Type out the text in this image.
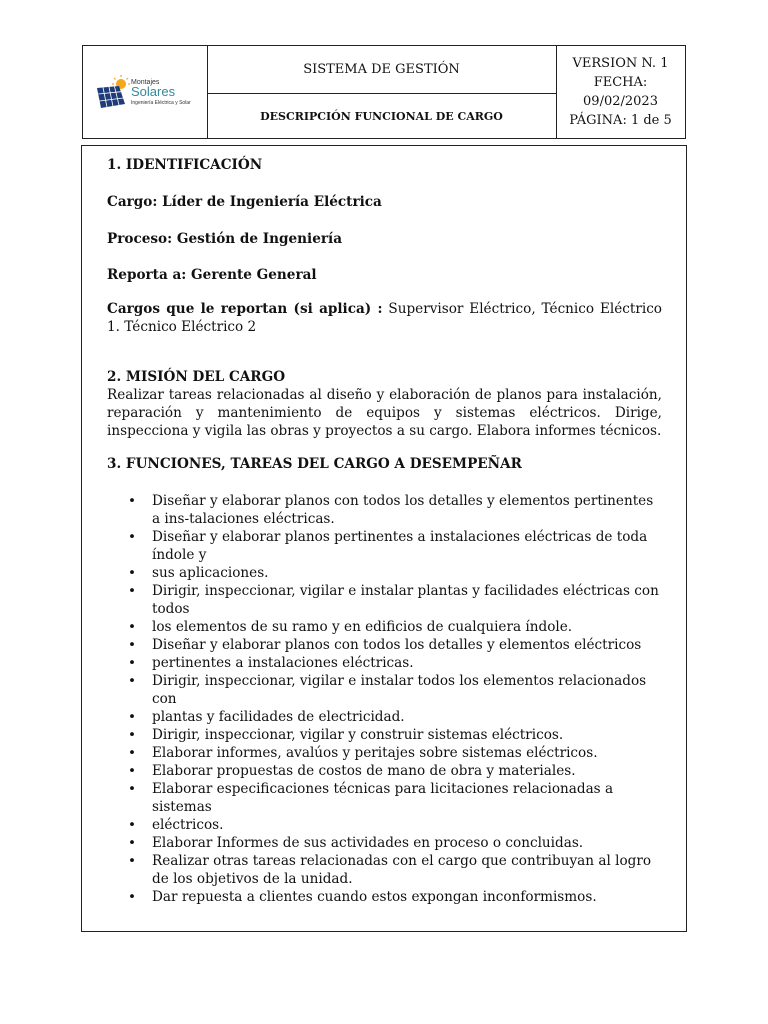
Montajes
Solares
Ingeniería Eléctrica y Solar
SISTEMA DE GESTIÓN
DESCRIPCIÓN FUNCIONAL DE CARGO
VERSION N. 1
FECHA:
09/02/2023
PÁGINA: 1 de 5

1. IDENTIFICACIÓN

Cargo: Líder de Ingeniería Eléctrica

Proceso: Gestión de Ingeniería

Reporta a: Gerente General

Cargos que le reportan (si aplica) : Supervisor Eléctrico, Técnico Eléctrico 1. Técnico Eléctrico 2

2. MISIÓN DEL CARGO

Realizar tareas relacionadas al diseño y elaboración de planos para instalación, reparación y mantenimiento de equipos y sistemas eléctricos. Dirige, inspecciona y vigila las obras y proyectos a su cargo. Elabora informes técnicos.

3. FUNCIONES, TAREAS DEL CARGO A DESEMPEÑAR

• Diseñar y elaborar planos con todos los detalles y elementos pertinentes a ins-talaciones eléctricas.
• Diseñar y elaborar planos pertinentes a instalaciones eléctricas de toda índole y
• sus aplicaciones.
• Dirigir, inspeccionar, vigilar e instalar plantas y facilidades eléctricas con todos
• los elementos de su ramo y en edificios de cualquiera índole.
• Diseñar y elaborar planos con todos los detalles y elementos eléctricos
• pertinentes a instalaciones eléctricas.
• Dirigir, inspeccionar, vigilar e instalar todos los elementos relacionados con
• plantas y facilidades de electricidad.
• Dirigir, inspeccionar, vigilar y construir sistemas eléctricos.
• Elaborar informes, avalúos y peritajes sobre sistemas eléctricos.
• Elaborar propuestas de costos de mano de obra y materiales.
• Elaborar especificaciones técnicas para licitaciones relacionadas a sistemas
• eléctricos.
• Elaborar Informes de sus actividades en proceso o concluidas.
• Realizar otras tareas relacionadas con el cargo que contribuyan al logro de los objetivos de la unidad.
• Dar repuesta a clientes cuando estos expongan inconformismos.
